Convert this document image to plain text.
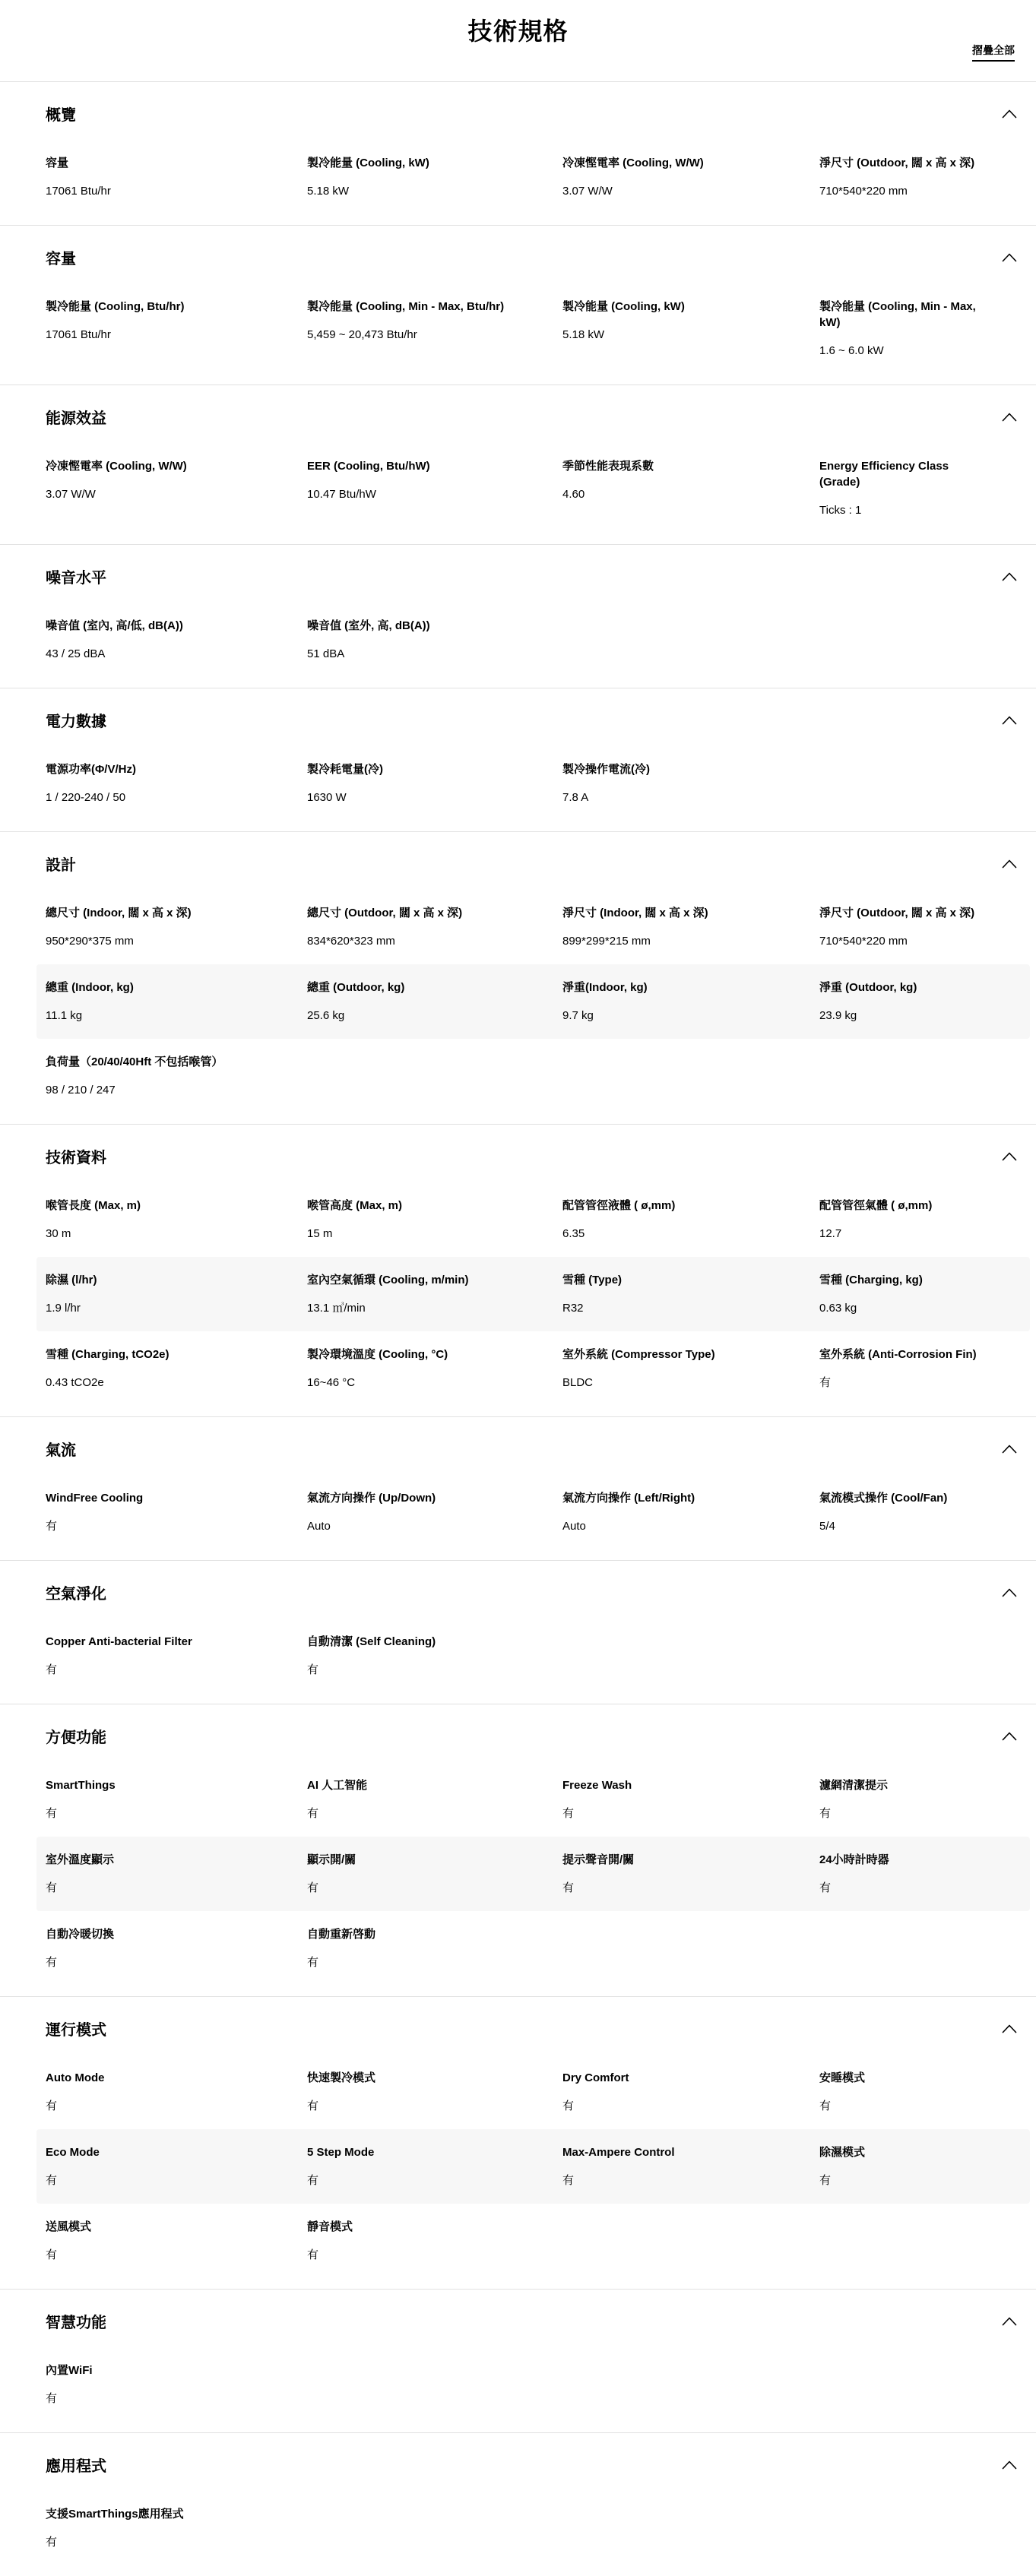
技術規格
摺疊全部
概覽
容量
17061 Btu/hr
製冷能量 (Cooling, kW)
5.18 kW
冷凍慳電率 (Cooling, W/W)
3.07 W/W
淨尺寸 (Outdoor, 闊 x 高 x 深)
710*540*220 mm
容量
製冷能量 (Cooling, Btu/hr)
17061 Btu/hr
製冷能量 (Cooling, Min - Max, Btu/hr)
5,459 ~ 20,473 Btu/hr
製冷能量 (Cooling, kW)
5.18 kW
製冷能量 (Cooling, Min - Max, kW)
1.6 ~ 6.0 kW
能源效益
冷凍慳電率 (Cooling, W/W)
3.07 W/W
EER (Cooling, Btu/hW)
10.47 Btu/hW
季節性能表現系數
4.60
Energy Efficiency Class (Grade)
Ticks : 1
噪音水平
噪音值 (室內, 高/低, dB(A))
43 / 25 dBA
噪音值 (室外, 高, dB(A))
51 dBA
電力數據
電源功率(Φ/V/Hz)
1 / 220-240 / 50
製冷耗電量(冷)
1630 W
製冷操作電流(冷)
7.8 A
設計
總尺寸 (Indoor, 闊 x 高 x 深)
950*290*375 mm
總尺寸 (Outdoor, 闊 x 高 x 深)
834*620*323 mm
淨尺寸 (Indoor, 闊 x 高 x 深)
899*299*215 mm
淨尺寸 (Outdoor, 闊 x 高 x 深)
710*540*220 mm
總重 (Indoor, kg)
11.1 kg
總重 (Outdoor, kg)
25.6 kg
淨重(Indoor, kg)
9.7 kg
淨重 (Outdoor, kg)
23.9 kg
負荷量（20/40/40Hft 不包括喉管）
98 / 210 / 247
技術資料
喉管長度 (Max, m)
30 m
喉管高度 (Max, m)
15 m
配管管徑液體 ( ø,mm)
6.35
配管管徑氣體 ( ø,mm)
12.7
除濕 (l/hr)
1.9 l/hr
室內空氣循環 (Cooling, m/min)
13.1 ㎥/min
雪種 (Type)
R32
雪種 (Charging, kg)
0.63 kg
雪種 (Charging, tCO2e)
0.43 tCO2e
製冷環境溫度 (Cooling, °C)
16~46 °C
室外系統 (Compressor Type)
BLDC
室外系統 (Anti-Corrosion Fin)
有
氣流
WindFree Cooling
有
氣流方向操作 (Up/Down)
Auto
氣流方向操作 (Left/Right)
Auto
氣流模式操作 (Cool/Fan)
5/4
空氣淨化
Copper Anti-bacterial Filter
有
自動清潔 (Self Cleaning)
有
方便功能
SmartThings
有
AI 人工智能
有
Freeze Wash
有
濾網清潔提示
有
室外溫度顯示
有
顯示開/關
有
提示聲音開/關
有
24小時計時器
有
自動冷暖切換
有
自動重新啓動
有
運行模式
Auto Mode
有
快速製冷模式
有
Dry Comfort
有
安睡模式
有
Eco Mode
有
5 Step Mode
有
Max-Ampere Control
有
除濕模式
有
送風模式
有
靜音模式
有
智慧功能
內置WiFi
有
應用程式
支援SmartThings應用程式
有
